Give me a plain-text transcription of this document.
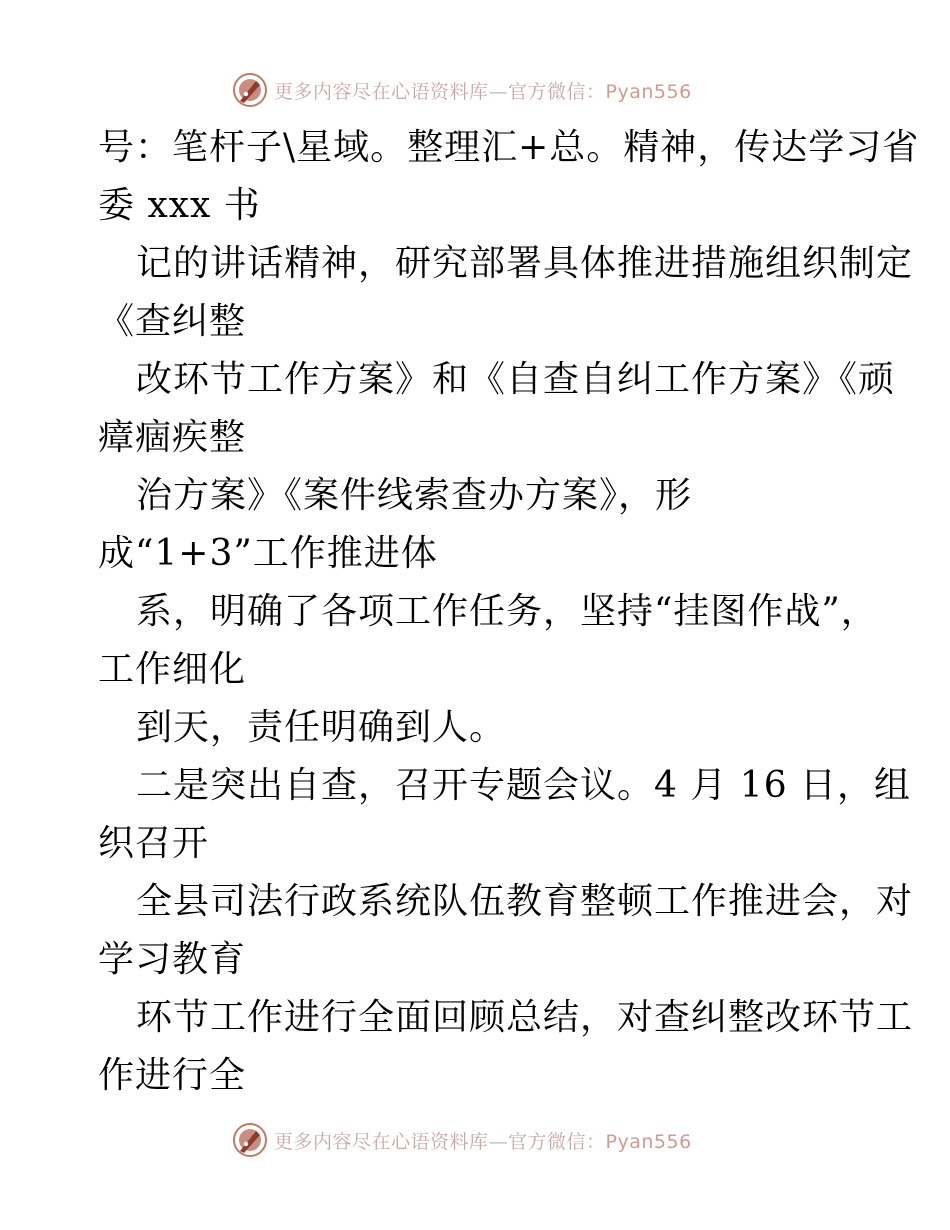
更多内容尽在心语资料库—官方微信：Pyan556
号：笔杆子\星域。整理汇+总。精神，传达学习省
委 xxx 书
记的讲话精神，研究部署具体推进措施组织制定
《查纠整
改环节工作方案》和《自查自纠工作方案》《顽
瘴痼疾整
治方案》《案件线索查办方案》，形
成“1+3”工作推进体
系，明确了各项工作任务，坚持“挂图作战”，
工作细化
到天，责任明确到人。
二是突出自查，召开专题会议。4 月 16 日，组
织召开
全县司法行政系统队伍教育整顿工作推进会，对
学习教育
环节工作进行全面回顾总结，对查纠整改环节工
作进行全
更多内容尽在心语资料库—官方微信：Pyan556
